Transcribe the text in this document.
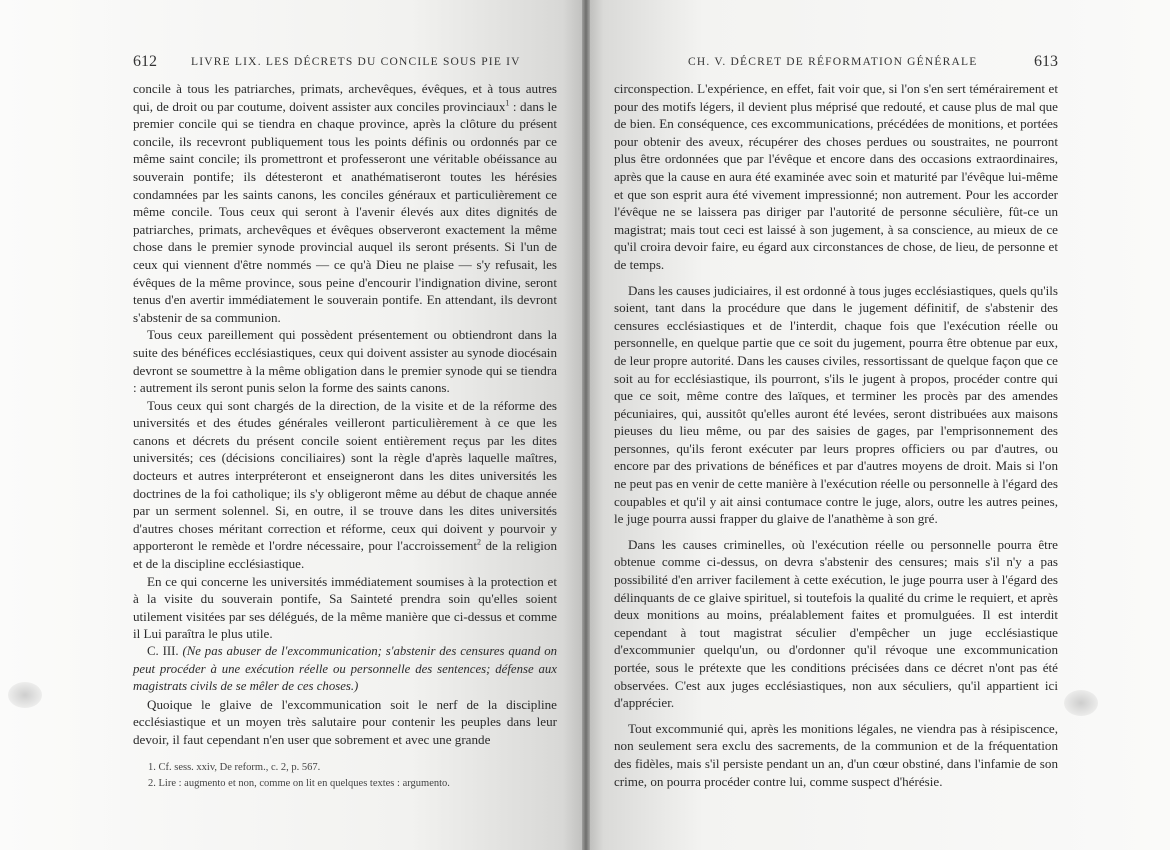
612	LIVRE LIX. LES DÉCRETS DU CONCILE SOUS PIE IV

concile à tous les patriarches, primats, archevêques, évêques, et à tous autres qui, de droit ou par coutume, doivent assister aux conciles provinciaux$^1$ : dans le premier concile qui se tiendra en chaque province, après la clôture du présent concile, ils recevront publiquement tous les points définis ou ordonnés par ce même saint concile; ils promettront et professeront une véritable obéissance au souverain pontife; ils détesteront et anathématiseront toutes les hérésies condamnées par les saints canons, les conciles généraux et particulièrement ce même concile. Tous ceux qui seront à l'avenir élevés aux dites dignités de patriarches, primats, archevêques et évêques observeront exactement la même chose dans le premier synode provincial auquel ils seront présents. Si l'un de ceux qui viennent d'être nommés — ce qu'à Dieu ne plaise — s'y refusait, les évêques de la même province, sous peine d'encourir l'indignation divine, seront tenus d'en avertir immédiatement le souverain pontife. En attendant, ils devront s'abstenir de sa communion.

Tous ceux pareillement qui possèdent présentement ou obtiendront dans la suite des bénéfices ecclésiastiques, ceux qui doivent assister au synode diocésain devront se soumettre à la même obligation dans le premier synode qui se tiendra : autrement ils seront punis selon la forme des saints canons.

Tous ceux qui sont chargés de la direction, de la visite et de la réforme des universités et des études générales veilleront particulièrement à ce que les canons et décrets du présent concile soient entièrement reçus par les dites universités; ces (décisions conciliaires) sont la règle d'après laquelle maîtres, docteurs et autres interpréteront et enseigneront dans les dites universités les doctrines de la foi catholique; ils s'y obligeront même au début de chaque année par un serment solennel. Si, en outre, il se trouve dans les dites universités d'autres choses méritant correction et réforme, ceux qui doivent y pourvoir y apporteront le remède et l'ordre nécessaire, pour l'accroissement$^2$ de la religion et de la discipline ecclésiastique.

En ce qui concerne les universités immédiatement soumises à la protection et à la visite du souverain pontife, Sa Sainteté prendra soin qu'elles soient utilement visitées par ses délégués, de la même manière que ci-dessus et comme il Lui paraîtra le plus utile.

C. III. (Ne pas abuser de l'excommunication; s'abstenir des censures quand on peut procéder à une exécution réelle ou personnelle des sentences; défense aux magistrats civils de se mêler de ces choses.)

Quoique le glaive de l'excommunication soit le nerf de la discipline ecclésiastique et un moyen très salutaire pour contenir les peuples dans leur devoir, il faut cependant n'en user que sobrement et avec une grande

1. Cf. sess. xxiv, De reform., c. 2, p. 567.

2. Lire : augmento et non, comme on lit en quelques textes : argumento.

CH. V. DÉCRET DE RÉFORMATION GÉNÉRALE	613

circonspection. L'expérience, en effet, fait voir que, si l'on s'en sert témérairement et pour des motifs légers, il devient plus méprisé que redouté, et cause plus de mal que de bien. En conséquence, ces excommunications, précédées de monitions, et portées pour obtenir des aveux, récupérer des choses perdues ou soustraites, ne pourront plus être ordonnées que par l'évêque et encore dans des occasions extraordinaires, après que la cause en aura été examinée avec soin et maturité par l'évêque lui-même et que son esprit aura été vivement impressionné; non autrement. Pour les accorder l'évêque ne se laissera pas diriger par l'autorité de personne séculière, fût-ce un magistrat; mais tout ceci est laissé à son jugement, à sa conscience, au mieux de ce qu'il croira devoir faire, eu égard aux circonstances de chose, de lieu, de personne et de temps.

Dans les causes judiciaires, il est ordonné à tous juges ecclésiastiques, quels qu'ils soient, tant dans la procédure que dans le jugement définitif, de s'abstenir des censures ecclésiastiques et de l'interdit, chaque fois que l'exécution réelle ou personnelle, en quelque partie que ce soit du jugement, pourra être obtenue par eux, de leur propre autorité. Dans les causes civiles, ressortissant de quelque façon que ce soit au for ecclésiastique, ils pourront, s'ils le jugent à propos, procéder contre qui que ce soit, même contre des laïques, et terminer les procès par des amendes pécuniaires, qui, aussitôt qu'elles auront été levées, seront distribuées aux maisons pieuses du lieu même, ou par des saisies de gages, par l'emprisonnement des personnes, qu'ils feront exécuter par leurs propres officiers ou par d'autres, ou encore par des privations de bénéfices et par d'autres moyens de droit. Mais si l'on ne peut pas en venir de cette manière à l'exécution réelle ou personnelle à l'égard des coupables et qu'il y ait ainsi contumace contre le juge, alors, outre les autres peines, le juge pourra aussi frapper du glaive de l'anathème à son gré.

Dans les causes criminelles, où l'exécution réelle ou personnelle pourra être obtenue comme ci-dessus, on devra s'abstenir des censures; mais s'il n'y a pas possibilité d'en arriver facilement à cette exécution, le juge pourra user à l'égard des délinquants de ce glaive spirituel, si toutefois la qualité du crime le requiert, et après deux monitions au moins, préalablement faites et promulguées. Il est interdit cependant à tout magistrat séculier d'empêcher un juge ecclésiastique d'excommunier quelqu'un, ou d'ordonner qu'il révoque une excommunication portée, sous le prétexte que les conditions précisées dans ce décret n'ont pas été observées. C'est aux juges ecclésiastiques, non aux séculiers, qu'il appartient ici d'apprécier.

Tout excommunié qui, après les monitions légales, ne viendra pas à résipiscence, non seulement sera exclu des sacrements, de la communion et de la fréquentation des fidèles, mais s'il persiste pendant un an, d'un cœur obstiné, dans l'infamie de son crime, on pourra procéder contre lui, comme suspect d'hérésie.
